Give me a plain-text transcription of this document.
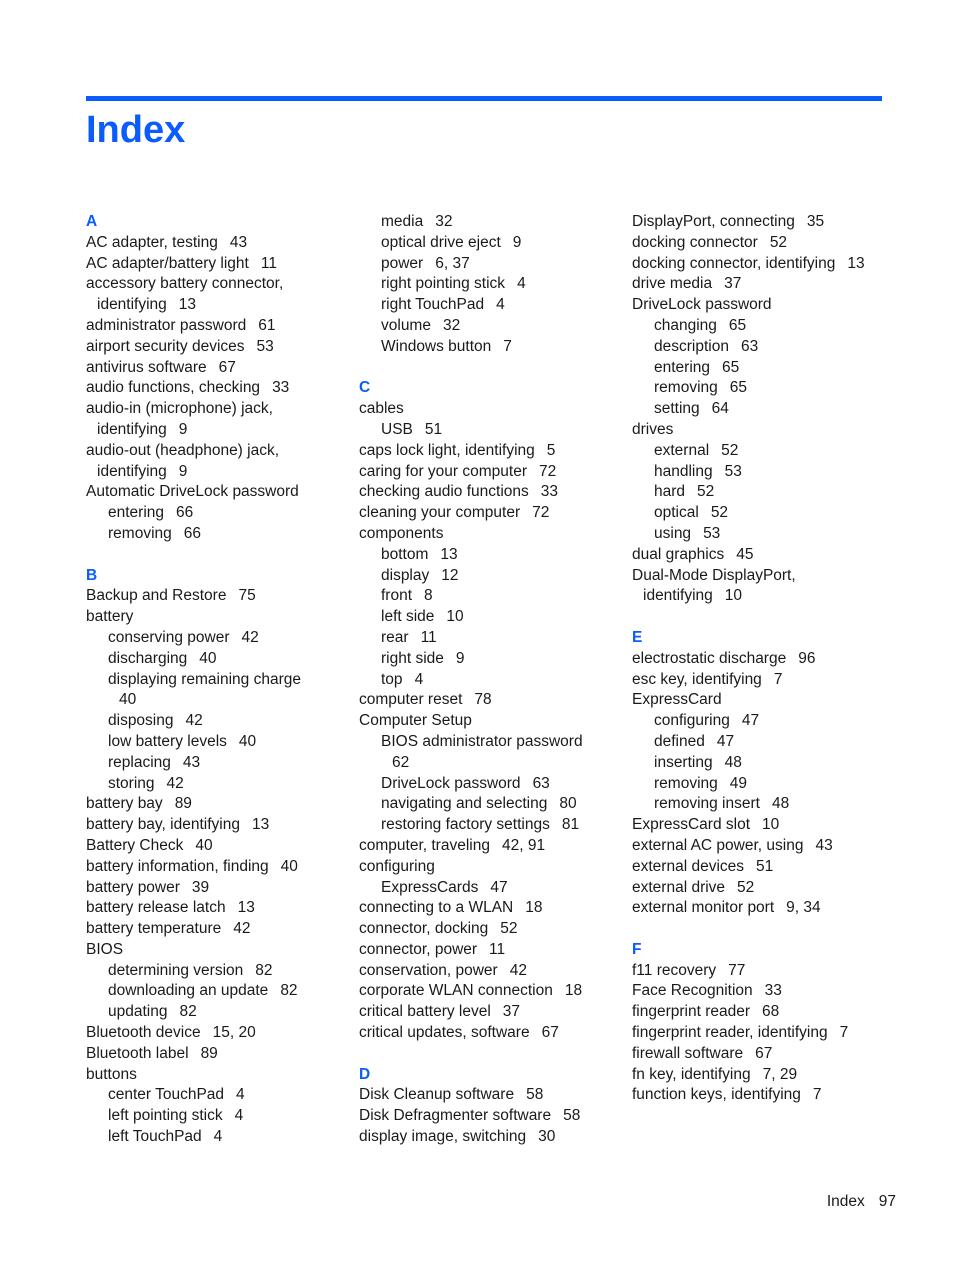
Index
A
AC adapter, testing 43
AC adapter/battery light 11
accessory battery connector,
identifying 13
administrator password 61
airport security devices 53
antivirus software 67
audio functions, checking 33
audio-in (microphone) jack,
identifying 9
audio-out (headphone) jack,
identifying 9
Automatic DriveLock password
entering 66
removing 66
B
Backup and Restore 75
battery
conserving power 42
discharging 40
displaying remaining charge
40
disposing 42
low battery levels 40
replacing 43
storing 42
battery bay 89
battery bay, identifying 13
Battery Check 40
battery information, finding 40
battery power 39
battery release latch 13
battery temperature 42
BIOS
determining version 82
downloading an update 82
updating 82
Bluetooth device 15, 20
Bluetooth label 89
buttons
center TouchPad 4
left pointing stick 4
left TouchPad 4
media 32
optical drive eject 9
power 6, 37
right pointing stick 4
right TouchPad 4
volume 32
Windows button 7
C
cables
USB 51
caps lock light, identifying 5
caring for your computer 72
checking audio functions 33
cleaning your computer 72
components
bottom 13
display 12
front 8
left side 10
rear 11
right side 9
top 4
computer reset 78
Computer Setup
BIOS administrator password
62
DriveLock password 63
navigating and selecting 80
restoring factory settings 81
computer, traveling 42, 91
configuring
ExpressCards 47
connecting to a WLAN 18
connector, docking 52
connector, power 11
conservation, power 42
corporate WLAN connection 18
critical battery level 37
critical updates, software 67
D
Disk Cleanup software 58
Disk Defragmenter software 58
display image, switching 30
DisplayPort, connecting 35
docking connector 52
docking connector, identifying 13
drive media 37
DriveLock password
changing 65
description 63
entering 65
removing 65
setting 64
drives
external 52
handling 53
hard 52
optical 52
using 53
dual graphics 45
Dual-Mode DisplayPort,
identifying 10
E
electrostatic discharge 96
esc key, identifying 7
ExpressCard
configuring 47
defined 47
inserting 48
removing 49
removing insert 48
ExpressCard slot 10
external AC power, using 43
external devices 51
external drive 52
external monitor port 9, 34
F
f11 recovery 77
Face Recognition 33
fingerprint reader 68
fingerprint reader, identifying 7
firewall software 67
fn key, identifying 7, 29
function keys, identifying 7
Index 97
